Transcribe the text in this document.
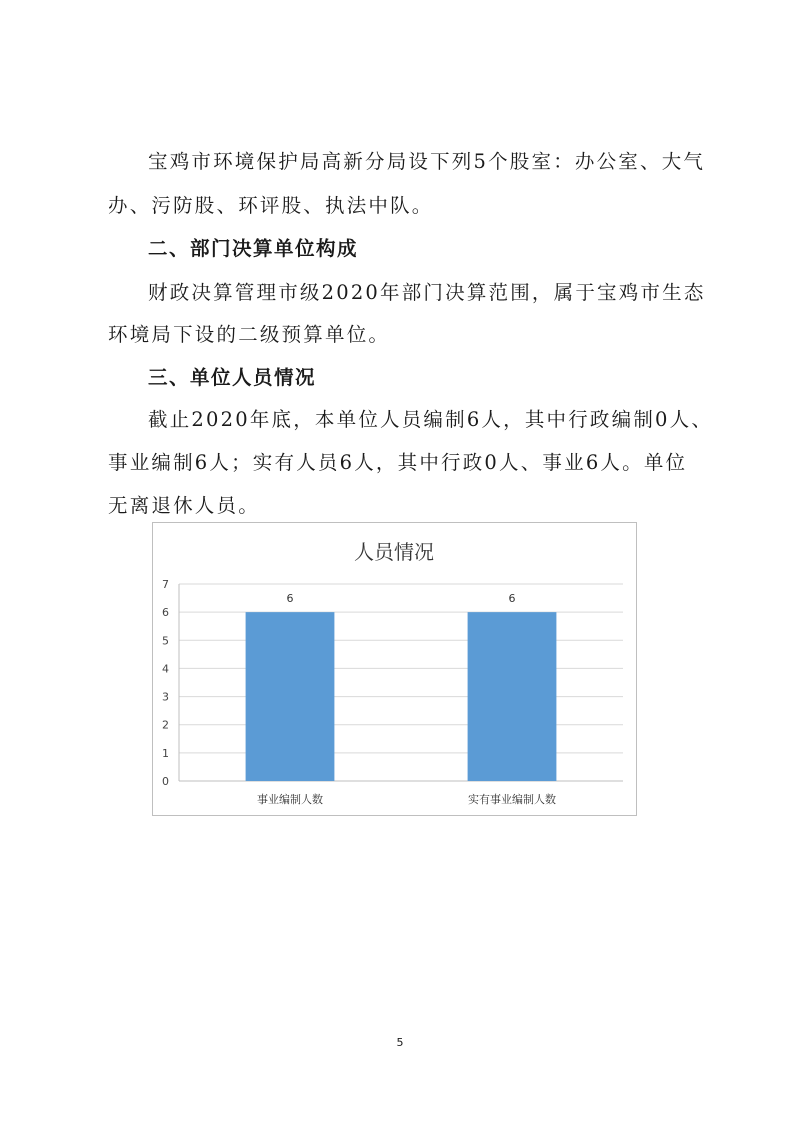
宝鸡市环境保护局高新分局设下列5个股室：办公室、大气
办、污防股、环评股、执法中队。
二、部门决算单位构成
财政决算管理市级2020年部门决算范围，属于宝鸡市生态
环境局下设的二级预算单位。
三、单位人员情况
截止2020年底，本单位人员编制6人，其中行政编制0人、
事业编制6人；实有人员6人，其中行政0人、事业6人。单位
无离退休人员。
人员情况
0
1
2
3
4
5
6
7
6	6
事业编制人数	实有事业编制人数
5
